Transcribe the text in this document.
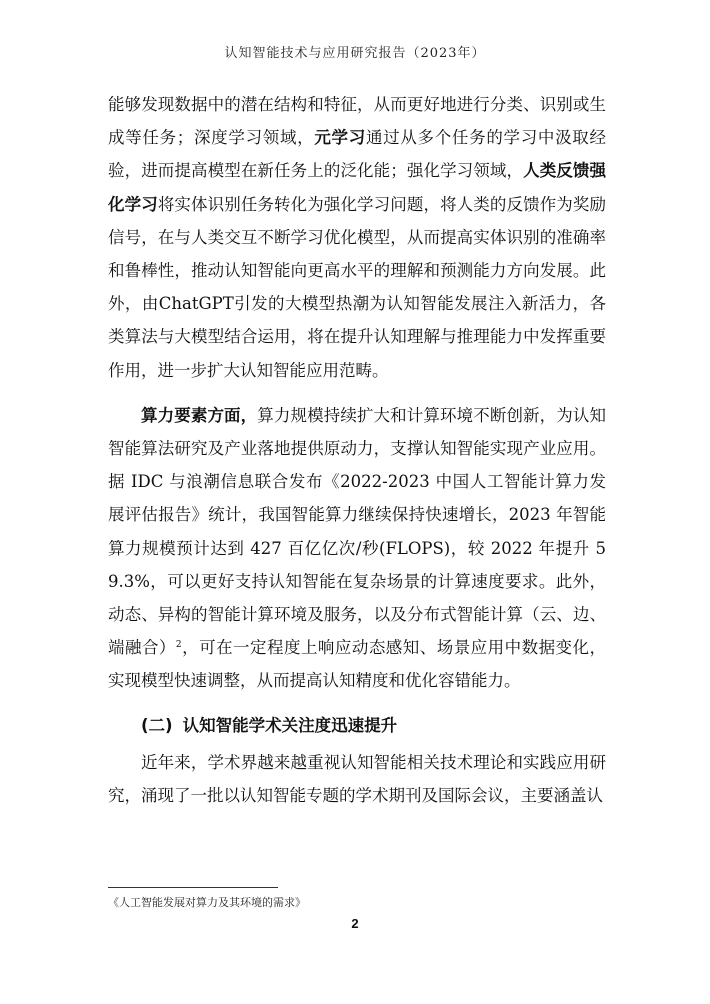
认知智能技术与应用研究报告（2023年）

能够发现数据中的潜在结构和特征，从而更好地进行分类、识别或生成等任务；深度学习领域，元学习通过从多个任务的学习中汲取经验，进而提高模型在新任务上的泛化能；强化学习领域，人类反馈强化学习将实体识别任务转化为强化学习问题，将人类的反馈作为奖励信号，在与人类交互不断学习优化模型，从而提高实体识别的准确率和鲁棒性，推动认知智能向更高水平的理解和预测能力方向发展。此外，由ChatGPT引发的大模型热潮为认知智能发展注入新活力，各类算法与大模型结合运用，将在提升认知理解与推理能力中发挥重要作用，进一步扩大认知智能应用范畴。

算力要素方面，算力规模持续扩大和计算环境不断创新，为认知智能算法研究及产业落地提供原动力，支撑认知智能实现产业应用。据 IDC 与浪潮信息联合发布《2022-2023 中国人工智能计算力发展评估报告》统计，我国智能算力继续保持快速增长，2023 年智能算力规模预计达到 427 百亿亿次/秒(FLOPS)，较 2022 年提升 59.3%，可以更好支持认知智能在复杂场景的计算速度要求。此外，动态、异构的智能计算环境及服务，以及分布式智能计算（云、边、端融合）$^2$，可在一定程度上响应动态感知、场景应用中数据变化，实现模型快速调整，从而提高认知精度和优化容错能力。

(二) 认知智能学术关注度迅速提升

近年来，学术界越来越重视认知智能相关技术理论和实践应用研究，涌现了一批以认知智能专题的学术期刊及国际会议，主要涵盖认

《人工智能发展对算力及其环境的需求》
2
